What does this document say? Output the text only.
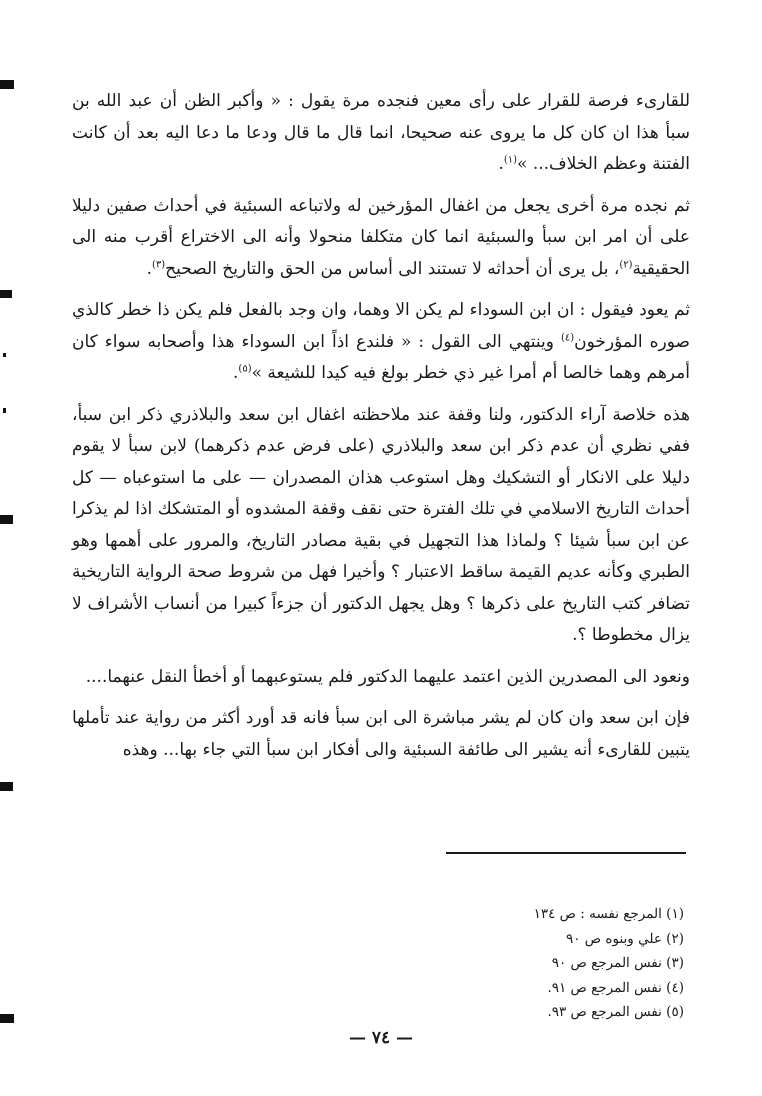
للقارىء فرصة للقرار على رأى معين فنجده مرة يقول : « وأكبر الظن أن عبد الله بن سبأ هذا ان كان كل ما يروى عنه صحيحا، انما قال ما قال ودعا ما دعا اليه بعد أن كانت الفتنة وعظم الخلاف... »$^{(١)}$.

ثم نجده مرة أخرى يجعل من اغفال المؤرخين له ولاتباعه السبئية في أحداث صفين دليلا على أن امر ابن سبأ والسبئية انما كان متكلفا منحولا وأنه الى الاختراع أقرب منه الى الحقيقية$^{(٢)}$، بل يرى أن أحداثه لا تستند الى أساس من الحق والتاريخ الصحيح$^{(٣)}$.

ثم يعود فيقول : ان ابن السوداء لم يكن الا وهما، وان وجد بالفعل فلم يكن ذا خطر كالذي صوره المؤرخون$^{(٤)}$ وينتهي الى القول : « فلندع اذاً ابن السوداء هذا وأصحابه سواء كان أمرهم وهما خالصا أم أمرا غير ذي خطر بولغ فيه كيدا للشيعة »$^{(٥)}$.

هذه خلاصة آراء الدكتور، ولنا وقفة عند ملاحظته اغفال ابن سعد والبلاذري ذكر ابن سبأ، ففي نظري أن عدم ذكر ابن سعد والبلاذري (على فرض عدم ذكرهما) لابن سبأ لا يقوم دليلا على الانكار أو التشكيك وهل استوعب هذان المصدران — على ما استوعباه — كل أحداث التاريخ الاسلامي في تلك الفترة حتى نقف وقفة المشدوه أو المتشكك اذا لم يذكرا عن ابن سبأ شيئا ؟ ولماذا هذا التجهيل في بقية مصادر التاريخ، والمرور على أهمها وهو الطبري وكأنه عديم القيمة ساقط الاعتبار ؟ وأخيرا فهل من شروط صحة الرواية التاريخية تضافر كتب التاريخ على ذكرها ؟ وهل يجهل الدكتور أن جزءاً كبيرا من أنساب الأشراف لا يزال مخطوطا ؟.

ونعود الى المصدرين الذين اعتمد عليهما الدكتور فلم يستوعبهما أو أخطأ النقل عنهما....

فإن ابن سعد وان كان لم يشر مباشرة الى ابن سبأ فانه قد أورد أكثر من رواية عند تأملها يتبين للقارىء أنه يشير الى طائفة السبئية والى أفكار ابن سبأ التي جاء بها... وهذه

(١) المرجع نفسه : ص ١٣٤
(٢) علي وبنوه ص ٩٠
(٣) نفس المرجع ص ٩٠
(٤) نفس المرجع ص ٩١.
(٥) نفس المرجع ص ٩٣.
— ٧٤ —
